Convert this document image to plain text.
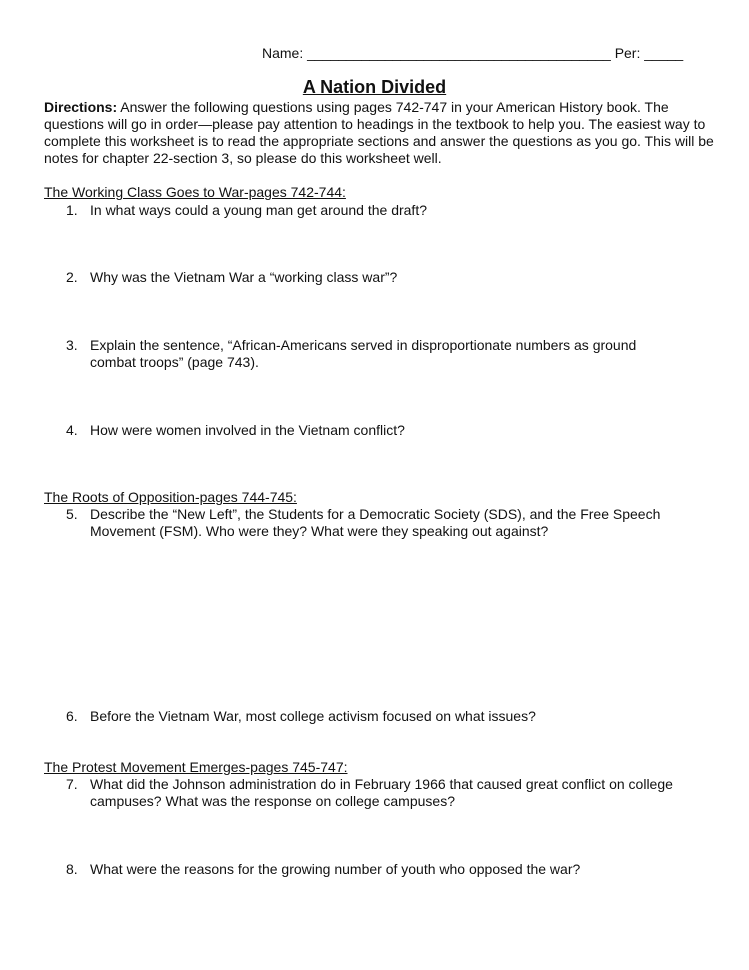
Name: _______________________________________ Per: _____
A Nation Divided
Directions: Answer the following questions using pages 742-747 in your American History book. The questions will go in order—please pay attention to headings in the textbook to help you. The easiest way to complete this worksheet is to read the appropriate sections and answer the questions as you go. This will be notes for chapter 22-section 3, so please do this worksheet well.
The Working Class Goes to War-pages 742-744:
1. In what ways could a young man get around the draft?
2. Why was the Vietnam War a “working class war”?
3. Explain the sentence, “African-Americans served in disproportionate numbers as ground
combat troops” (page 743).
4. How were women involved in the Vietnam conflict?
The Roots of Opposition-pages 744-745:
5. Describe the “New Left”, the Students for a Democratic Society (SDS), and the Free Speech
Movement (FSM). Who were they? What were they speaking out against?
6. Before the Vietnam War, most college activism focused on what issues?
The Protest Movement Emerges-pages 745-747:
7. What did the Johnson administration do in February 1966 that caused great conflict on college
campuses? What was the response on college campuses?
8. What were the reasons for the growing number of youth who opposed the war?
